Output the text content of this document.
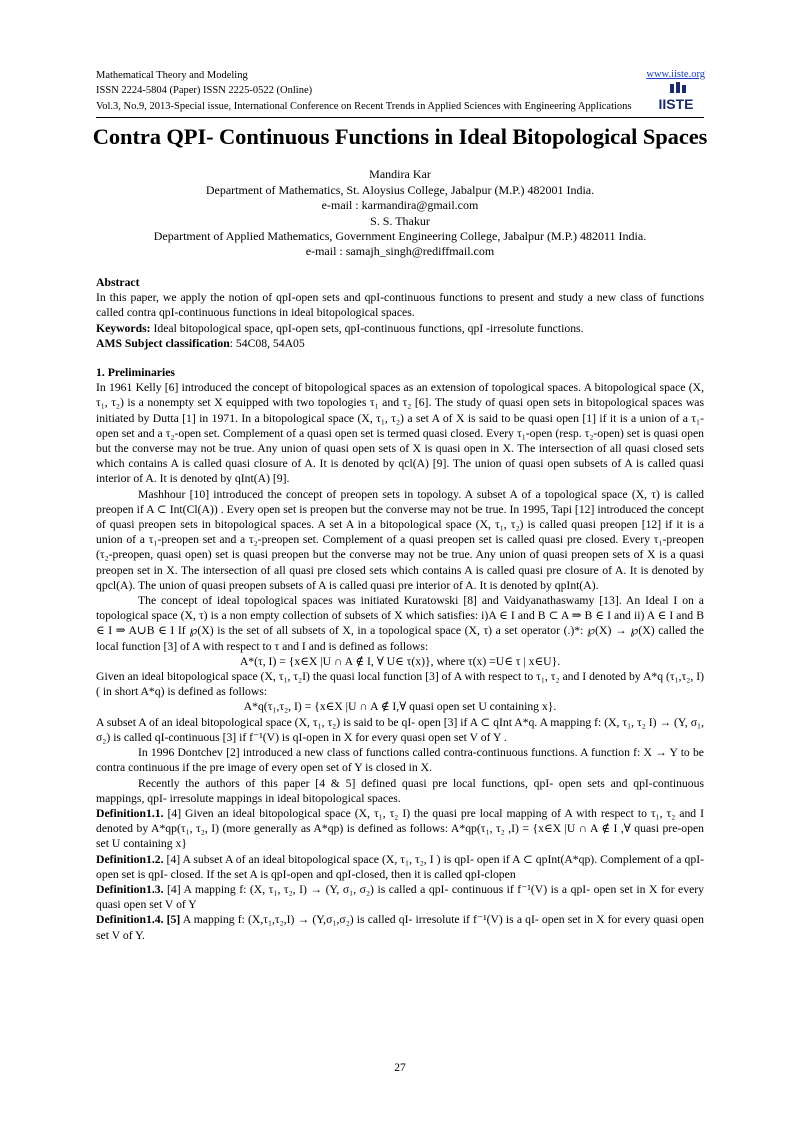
Mathematical Theory and Modeling
ISSN 2224-5804 (Paper) ISSN 2225-0522 (Online)
Vol.3, No.9, 2013-Special issue, International Conference on Recent Trends in Applied Sciences with Engineering Applications
www.iiste.org
IISTE
Contra QPI- Continuous Functions in Ideal Bitopological Spaces
Mandira Kar
Department of Mathematics, St. Aloysius College, Jabalpur (M.P.) 482001 India.
e-mail : karmandira@gmail.com
S. S. Thakur
Department of Applied Mathematics, Government Engineering College, Jabalpur (M.P.) 482011 India.
e-mail : samajh_singh@rediffmail.com

Abstract

In this paper, we apply the notion of qpI-open sets and qpI-continuous functions to present and study a new class of functions called contra qpI-continuous functions in ideal bitopological spaces.

Keywords: Ideal bitopological space, qpI-open sets, qpI-continuous functions, qpI -irresolute functions.

AMS Subject classification: 54C08, 54A05

1. Preliminaries

In 1961 Kelly [6] introduced the concept of bitopological spaces as an extension of topological spaces. A bitopological space (X, τ₁, τ₂) is a nonempty set X equipped with two topologies τ₁ and τ₂ [6]. The study of quasi open sets in bitopological spaces was initiated by Dutta [1] in 1971. In a bitopological space (X, τ₁, τ₂) a set A of X is said to be quasi open [1] if it is a union of a τ₁-open set and a τ₂-open set. Complement of a quasi open set is termed quasi closed. Every τ₁-open (resp. τ₂-open) set is quasi open but the converse may not be true. Any union of quasi open sets of X is quasi open in X. The intersection of all quasi closed sets which contains A is called quasi closure of A. It is denoted by qcl(A) [9]. The union of quasi open subsets of A is called quasi interior of A. It is denoted by qInt(A) [9].

Mashhour [10] introduced the concept of preopen sets in topology. A subset A of a topological space (X, τ) is called preopen if A ⊂ Int(Cl(A)) . Every open set is preopen but the converse may not be true. In 1995, Tapi [12] introduced the concept of quasi preopen sets in bitopological spaces. A set A in a bitopological space (X, τ₁, τ₂) is called quasi preopen [12] if it is a union of a τ₁-preopen set and a τ₂-preopen set. Complement of a quasi preopen set is called quasi pre closed. Every τ₁-preopen (τ₂-preopen, quasi open) set is quasi preopen but the converse may not be true. Any union of quasi preopen sets of X is a quasi preopen set in X. The intersection of all quasi pre closed sets which contains A is called quasi pre closure of A. It is denoted by qpcl(A). The union of quasi preopen subsets of A is called quasi pre interior of A. It is denoted by qpInt(A).

The concept of ideal topological spaces was initiated Kuratowski [8] and Vaidyanathaswamy [13]. An Ideal I on a topological space (X, τ) is a non empty collection of subsets of X which satisfies: i)A ∈ I and B ⊂ A ⇒ B ∈ I and ii) A ∈ I and B ∈ I ⇒ A∪B ∈ I If ℘(X) is the set of all subsets of X, in a topological space (X, τ) a set operator (.)*: ℘(X) → ℘(X) called the local function [3] of A with respect to τ and I and is defined as follows:

A*(τ, I) = {x∈X |U ∩ A ∉ I, ∀ U∈ τ(x)}, where τ(x) =U∈ τ | x∈U}.

Given an ideal bitopological space (X, τ₁, τ₂I) the quasi local function [3] of A with respect to τ₁, τ₂ and I denoted by A*q (τ₁,τ₂, I) ( in short A*q) is defined as follows:

A*q(τ₁,τ₂, I) = {x∈X |U ∩ A ∉ I,∀ quasi open set U containing x}.

A subset A of an ideal bitopological space (X, τ₁, τ₂) is said to be qI- open [3] if A ⊂ qInt A*q. A mapping f: (X, τ₁, τ₂ I) → (Y, σ₁, σ₂) is called qI-continuous [3] if f⁻¹(V) is qI-open in X for every quasi open set V of Y .

In 1996 Dontchev [2] introduced a new class of functions called contra-continuous functions. A function f: X → Y to be contra continuous if the pre image of every open set of Y is closed in X.

Recently the authors of this paper [4 & 5] defined quasi pre local functions, qpI- open sets and qpI-continuous mappings, qpI- irresolute mappings in ideal bitopological spaces.

Definition1.1. [4] Given an ideal bitopological space (X, τ₁, τ₂ I) the quasi pre local mapping of A with respect to τ₁, τ₂ and I denoted by A*qp(τ₁, τ₂, I) (more generally as A*qp) is defined as follows: A*qp(τ₁, τ₂ ,I) = {x∈X |U ∩ A ∉ I ,∀ quasi pre-open set U containing x}

Definition1.2. [4] A subset A of an ideal bitopological space (X, τ₁, τ₂, I ) is qpI- open if A ⊂ qpInt(A*qp). Complement of a qpI- open set is qpI- closed. If the set A is qpI-open and qpI-closed, then it is called qpI-clopen

Definition1.3. [4] A mapping f: (X, τ₁, τ₂, I) → (Y, σ₁, σ₂) is called a qpI- continuous if f⁻¹(V) is a qpI- open set in X for every quasi open set V of Y

Definition1.4. [5] A mapping f: (X,τ₁,τ₂,I) → (Y,σ₁,σ₂) is called qI- irresolute if f⁻¹(V) is a qI- open set in X for every quasi open set V of Y.

27
